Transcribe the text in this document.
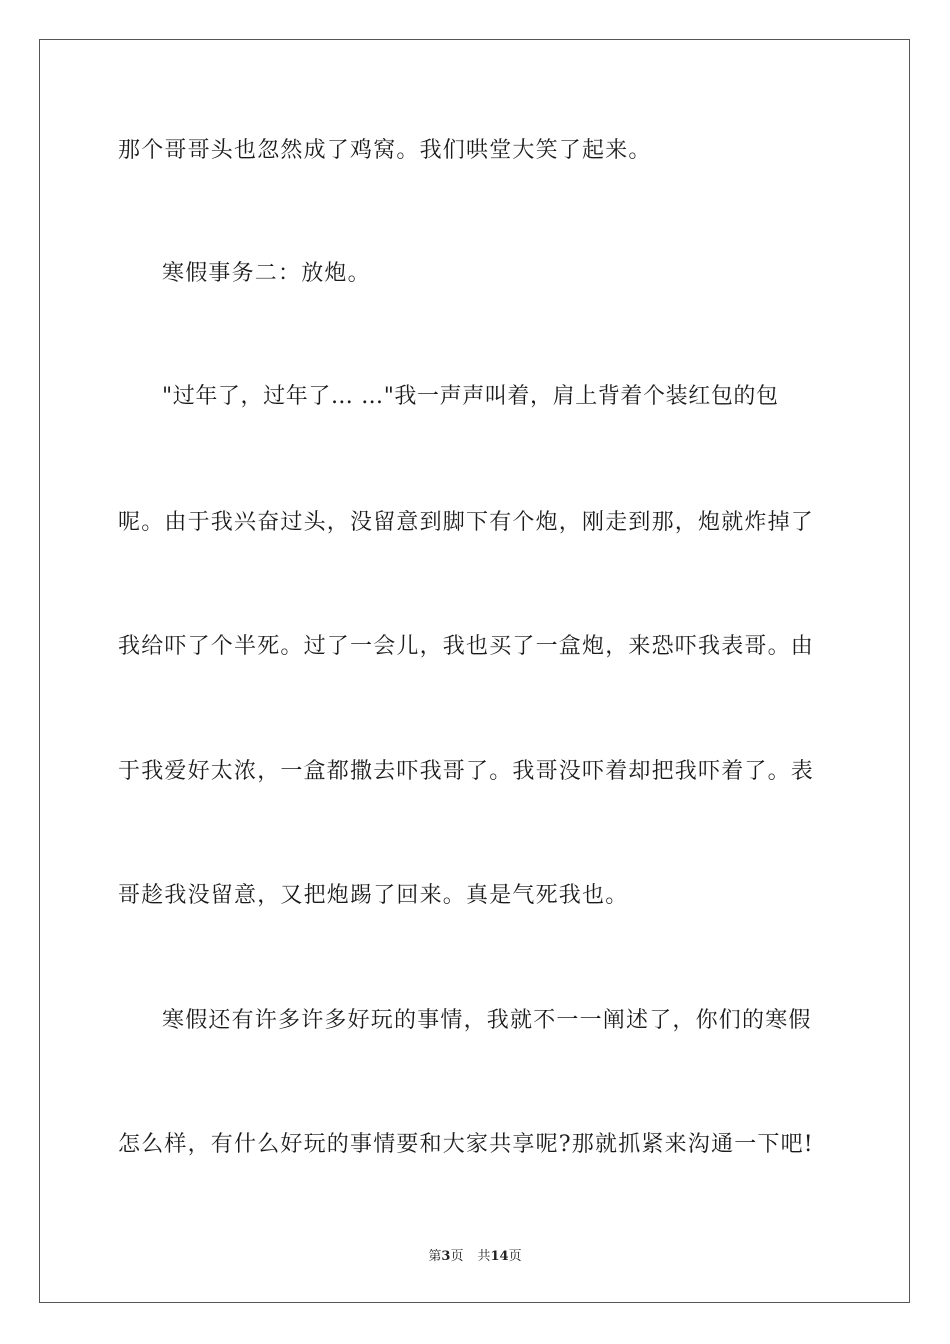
那个哥哥头也忽然成了鸡窝。我们哄堂大笑了起来。
寒假事务二：放炮。
"过年了，过年了… …"我一声声叫着，肩上背着个装红包的包
呢。由于我兴奋过头，没留意到脚下有个炮，刚走到那，炮就炸掉了
我给吓了个半死。过了一会儿，我也买了一盒炮，来恐吓我表哥。由
于我爱好太浓，一盒都撒去吓我哥了。我哥没吓着却把我吓着了。表
哥趁我没留意，又把炮踢了回来。真是气死我也。
寒假还有许多许多好玩的事情，我就不一一阐述了，你们的寒假
怎么样，有什么好玩的事情要和大家共享呢?那就抓紧来沟通一下吧!
第3页 共14页
